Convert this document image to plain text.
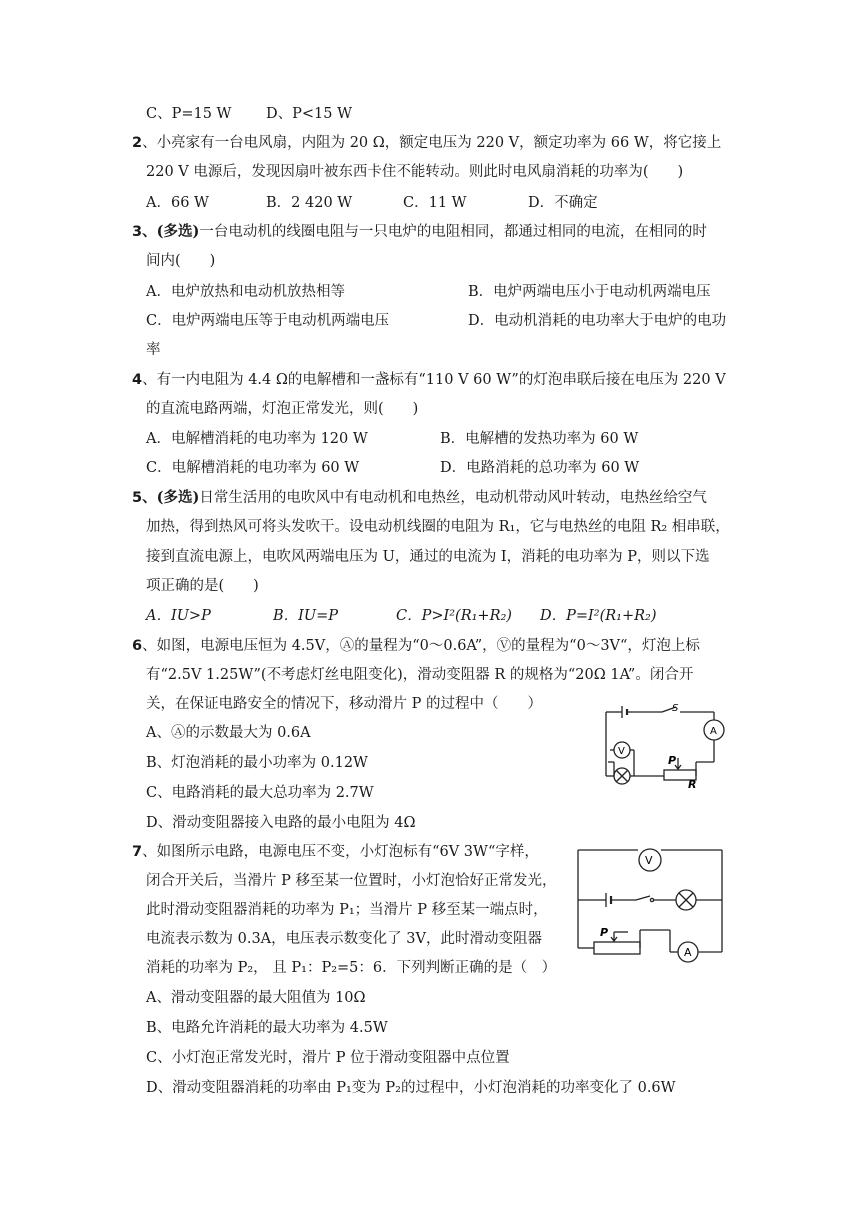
C、P=15 W D、P<15 W
2、小亮家有一台电风扇，内阻为 20 Ω，额定电压为 220 V，额定功率为 66 W，将它接上
220 V 电源后，发现因扇叶被东西卡住不能转动。则此时电风扇消耗的功率为(　　)
A．66 W	B．2 420 W	C．11 W	D．不确定
3、(多选)一台电动机的线圈电阻与一只电炉的电阻相同，都通过相同的电流，在相同的时
间内(　　)
A．电炉放热和电动机放热相等	B．电炉两端电压小于电动机两端电压
C．电炉两端电压等于电动机两端电压	D．电动机消耗的电功率大于电炉的电功
率
4、有一内电阻为 4.4 Ω的电解槽和一盏标有“110 V 60 W”的灯泡串联后接在电压为 220 V
的直流电路两端，灯泡正常发光，则(　　)
A．电解槽消耗的电功率为 120 W	B．电解槽的发热功率为 60 W
C．电解槽消耗的电功率为 60 W	D．电路消耗的总功率为 60 W
5、(多选)日常生活用的电吹风中有电动机和电热丝，电动机带动风叶转动，电热丝给空气
加热，得到热风可将头发吹干。设电动机线圈的电阻为 R₁，它与电热丝的电阻 R₂ 相串联，
接到直流电源上，电吹风两端电压为 U，通过的电流为 I，消耗的电功率为 P，则以下选
项正确的是(　　)
A．IU>P	B．IU=P	C．P>I²(R₁+R₂) D．P=I²(R₁+R₂)
6、如图，电源电压恒为 4.5V，Ⓐ的量程为“0～0.6A”，Ⓥ的量程为“0～3V“，灯泡上标
有“2.5V 1.25W”(不考虑灯丝电阻变化)，滑动变阻器 R 的规格为“20Ω 1A”。闭合开
关，在保证电路安全的情况下，移动滑片 P 的过程中（　　）
A、Ⓐ的示数最大为 0.6A
B、灯泡消耗的最小功率为 0.12W
C、电路消耗的最大总功率为 2.7W
D、滑动变阻器接入电路的最小电阻为 4Ω
S
A
V
P
R
7、如图所示电路，电源电压不变，小灯泡标有“6V 3W“字样，
闭合开关后，当滑片 P 移至某一位置时，小灯泡恰好正常发光，
此时滑动变阻器消耗的功率为 P₁；当滑片 P 移至某一端点时，
电流表示数为 0.3A，电压表示数变化了 3V，此时滑动变阻器
消耗的功率为 P₂， 且 P₁：P₂=5：6．下列判断正确的是（　）
A、滑动变阻器的最大阻值为 10Ω
B、电路允许消耗的最大功率为 4.5W
C、小灯泡正常发光时，滑片 P 位于滑动变阻器中点位置
D、滑动变阻器消耗的功率由 P₁变为 P₂的过程中，小灯泡消耗的功率变化了 0.6W
V
A
P
